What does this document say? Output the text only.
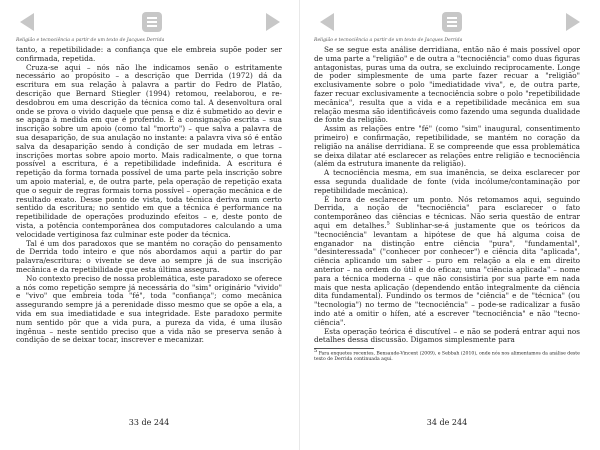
Religião e tecnociência a partir de um texto de Jacques Derrida

tanto, a repetibilidade: a confiança que ele embreia supõe poder ser confirmada, repetida.

Cruza-se aqui – nós não lhe indicamos senão o estritamente necessário ao propósito – a descrição que Derrida (1972) dá da escritura em sua relação à palavra a partir do Fedro de Platão, descrição que Bernard Stiegler (1994) retomou, reelaborou, e re-desdobrou em uma descrição da técnica como tal. A desenvoltura oral onde se prova o vivido daquele que pensa e diz é submetido ao devir e se apaga à medida em que é proferido. É a consignação escrita – sua inscrição sobre um apoio (como tal "morto") – que salva a palavra de sua desaparição, de sua anulação no instante: a palavra viva só é então salva da desaparição sendo à condição de ser mudada em letras – inscrições mortas sobre apoio morto. Mais radicalmente, o que torna possível a escritura, é a repetibilidade indefinida. A escritura é repetição da forma tornada possível de uma parte pela inscrição sobre um apoio material, e, de outra parte, pela operação de repetição exata que o seguir de regras formais torna possível – operação mecânica e de resultado exato. Desse ponto de vista, toda técnica deriva num certo sentido da escritura; no sentido em que a técnica é performance na repetibilidade de operações produzindo efeitos – e, deste ponto de vista, a potência contemporânea dos computadores calculando a uma velocidade vertiginosa faz culminar este poder da técnica.

Tal é um dos paradoxos que se mantém no coração do pensamento de Derrida todo inteiro e que nós abordamos aqui a partir do par palavra/escritura: o vivente se deve ao sempre já de sua inscrição mecânica e da repetibilidade que esta última assegura.

No contexto preciso de nossa problemática, este paradoxo se oferece a nós como repetição sempre já necessária do "sim" originário "vivido" e "vivo" que embreia toda "fé", toda "confiança"; como mecânica assegurando sempre já a perenidade disso mesmo que se opõe a ela, a vida em sua imediatidade e sua integridade. Este paradoxo permite num sentido pôr que a vida pura, a pureza da vida, é uma ilusão ingênua – neste sentido preciso que a vida não se preserva senão à condição de se deixar tocar, inscrever e mecanizar.

33 de 244
Religião e tecnociência a partir de um texto de Jacques Derrida

Se se segue esta análise derridiana, então não é mais possível opor de uma parte a "religião" e de outra a "tecnociência" como duas figuras antagonistas, puras uma da outra, se excluindo reciprocamente. Longe de poder simplesmente de uma parte fazer recuar a "religião" exclusivamente sobre o polo "imediatidade viva", e, de outra parte, fazer recuar exclusivamente a tecnociência sobre o polo "repetibilidade mecânica", resulta que a vida e a repetibilidade mecânica em sua relação mesma são identificáveis como fazendo uma segunda dualidade de fonte da religião.

Assim as relações entre "fé" (como "sim" inaugural, consentimento primeiro) e confirmação, repetibilidade, se mantém no coração da religião na análise derridiana. E se compreende que essa problemática se deixa dilatar até esclarecer as relações entre religião e tecnociência (além da estrutura imanente da religião).

A tecnociência mesma, em sua imanência, se deixa esclarecer por essa segunda dualidade de fonte (vida incólume/contaminação por repetibilidade mecânica).

É hora de esclarecer um ponto. Nós retomamos aqui, seguindo Derrida, a noção de "tecnociência" para esclarecer o fato contemporâneo das ciências e técnicas. Não seria questão de entrar aqui em detalhes.$^5$ Sublinhar-se-á justamente que os teóricos da "tecnociência" levantam a hipótese de que há alguma coisa de enganador na distinção entre ciência "pura", "fundamental", "desinteressada" ("conhecer por conhecer") e ciência dita "aplicada", ciência aplicando um saber – puro em relação a ela e em direito anterior – na ordem do útil e do eficaz; uma "ciência aplicada" – nome para a técnica moderna – que não consistiria por sua parte em nada mais que nesta aplicação (dependendo então integralmente da ciência dita fundamental). Fundindo os termos de "ciência" e de "técnica" (ou "tecnologia") no termo de "tecnociência" – pode-se radicalizar a fusão indo até a omitir o hífen, até a escrever "tecnociência" e não "tecno-ciência".

Esta operação teórica é discutível – e não se poderá entrar aqui nos detalhes dessa discussão. Digamos simplesmente para

$^5$ Para enquetes recentes, Bensaude-Vincent (2009), e Sebbah (2010), onde nós nos alimentamos da análise deste texto de Derrida continuada aqui.
34 de 244
